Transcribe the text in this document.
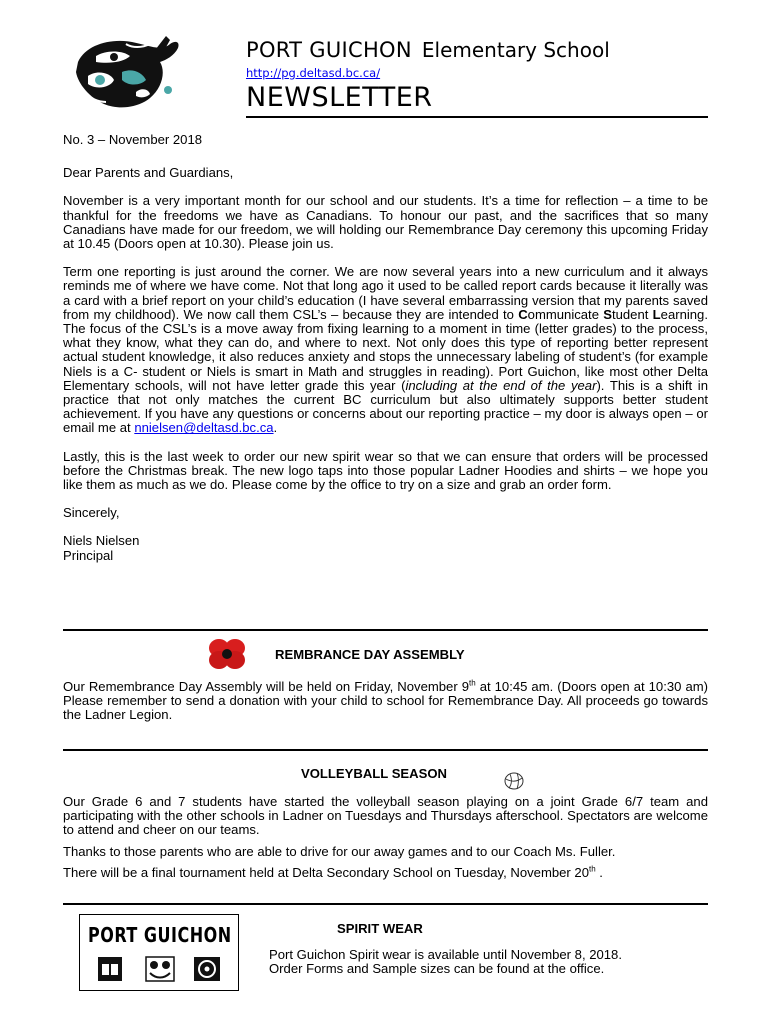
PORT GUICHON Elementary School
http://pg.deltasd.bc.ca/
NEWSLETTER

No. 3 – November 2018

Dear Parents and Guardians,

November is a very important month for our school and our students. It’s a time for reflection – a time to be thankful for the freedoms we have as Canadians. To honour our past, and the sacrifices that so many Canadians have made for our freedom, we will holding our Remembrance Day ceremony this upcoming Friday at 10.45 (Doors open at 10.30). Please join us.

Term one reporting is just around the corner. We are now several years into a new curriculum and it always reminds me of where we have come. Not that long ago it used to be called report cards because it literally was a card with a brief report on your child’s education (I have several embarrassing version that my parents saved from my childhood). We now call them CSL’s – because they are intended to Communicate Student Learning. The focus of the CSL’s is a move away from fixing learning to a moment in time (letter grades) to the process, what they know, what they can do, and where to next. Not only does this type of reporting better represent actual student knowledge, it also reduces anxiety and stops the unnecessary labeling of student’s (for example Niels is a C- student or Niels is smart in Math and struggles in reading). Port Guichon, like most other Delta Elementary schools, will not have letter grade this year (including at the end of the year). This is a shift in practice that not only matches the current BC curriculum but also ultimately supports better student achievement. If you have any questions or concerns about our reporting practice – my door is always open – or email me at nnielsen@deltasd.bc.ca.

Lastly, this is the last week to order our new spirit wear so that we can ensure that orders will be processed before the Christmas break. The new logo taps into those popular Ladner Hoodies and shirts – we hope you like them as much as we do. Please come by the office to try on a size and grab an order form.

Sincerely,

Niels Nielsen

Principal

REMBRANCE DAY ASSEMBLY

Our Remembrance Day Assembly will be held on Friday, November 9th at 10:45 am. (Doors open at 10:30 am) Please remember to send a donation with your child to school for Remembrance Day. All proceeds go towards the Ladner Legion.

VOLLEYBALL SEASON

Our Grade 6 and 7 students have started the volleyball season playing on a joint Grade 6/7 team and participating with the other schools in Ladner on Tuesdays and Thursdays afterschool. Spectators are welcome to attend and cheer on our teams.

Thanks to those parents who are able to drive for our away games and to our Coach Ms. Fuller.

There will be a final tournament held at Delta Secondary School on Tuesday, November 20th .

PORT GUICHON	SPIRIT WEAR
Port Guichon Spirit wear is available until November 8, 2018. Order Forms and Sample sizes can be found at the office.
